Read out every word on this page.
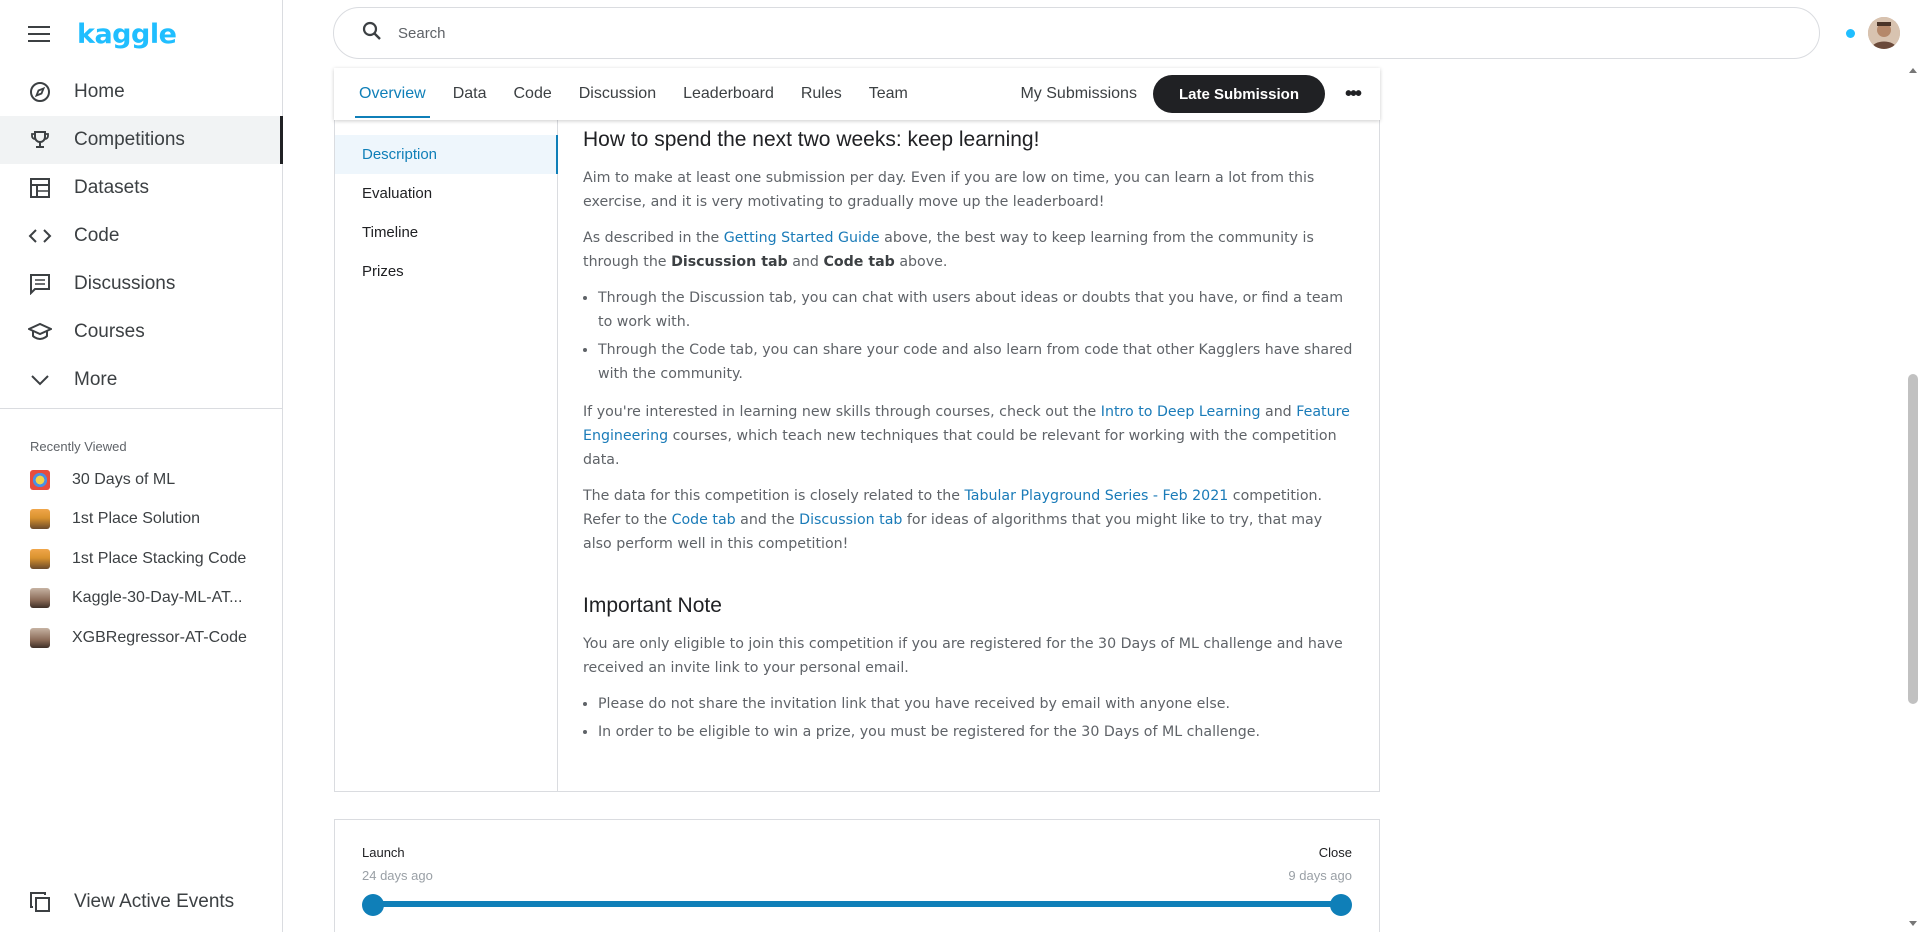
kaggle
Home
Competitions
Datasets
Code
Discussions
Courses
More
Recently Viewed
30 Days of ML
1st Place Solution
1st Place Stacking Code
Kaggle-30-Day-ML-AT...
XGBRegressor-AT-Code
View Active Events
Search
Overview Data Code Discussion Leaderboard Rules Team	My Submissions	Late Submission	•••
Description
Evaluation
Timeline
Prizes
How to spend the next two weeks: keep learning!

Aim to make at least one submission per day. Even if you are low on time, you can learn a lot from this exercise, and it is very motivating to gradually move up the leaderboard!

As described in the Getting Started Guide above, the best way to keep learning from the community is through the Discussion tab and Code tab above.

• Through the Discussion tab, you can chat with users about ideas or doubts that you have, or find a team to work with.
• Through the Code tab, you can share your code and also learn from code that other Kagglers have shared with the community.

If you're interested in learning new skills through courses, check out the Intro to Deep Learning and Feature Engineering courses, which teach new techniques that could be relevant for working with the competition data.

The data for this competition is closely related to the Tabular Playground Series - Feb 2021 competition. Refer to the Code tab and the Discussion tab for ideas of algorithms that you might like to try, that may also perform well in this competition!

Important Note

You are only eligible to join this competition if you are registered for the 30 Days of ML challenge and have received an invite link to your personal email.

• Please do not share the invitation link that you have received by email with anyone else.
• In order to be eligible to win a prize, you must be registered for the 30 Days of ML challenge.
Launch
24 days ago
Close
9 days ago
